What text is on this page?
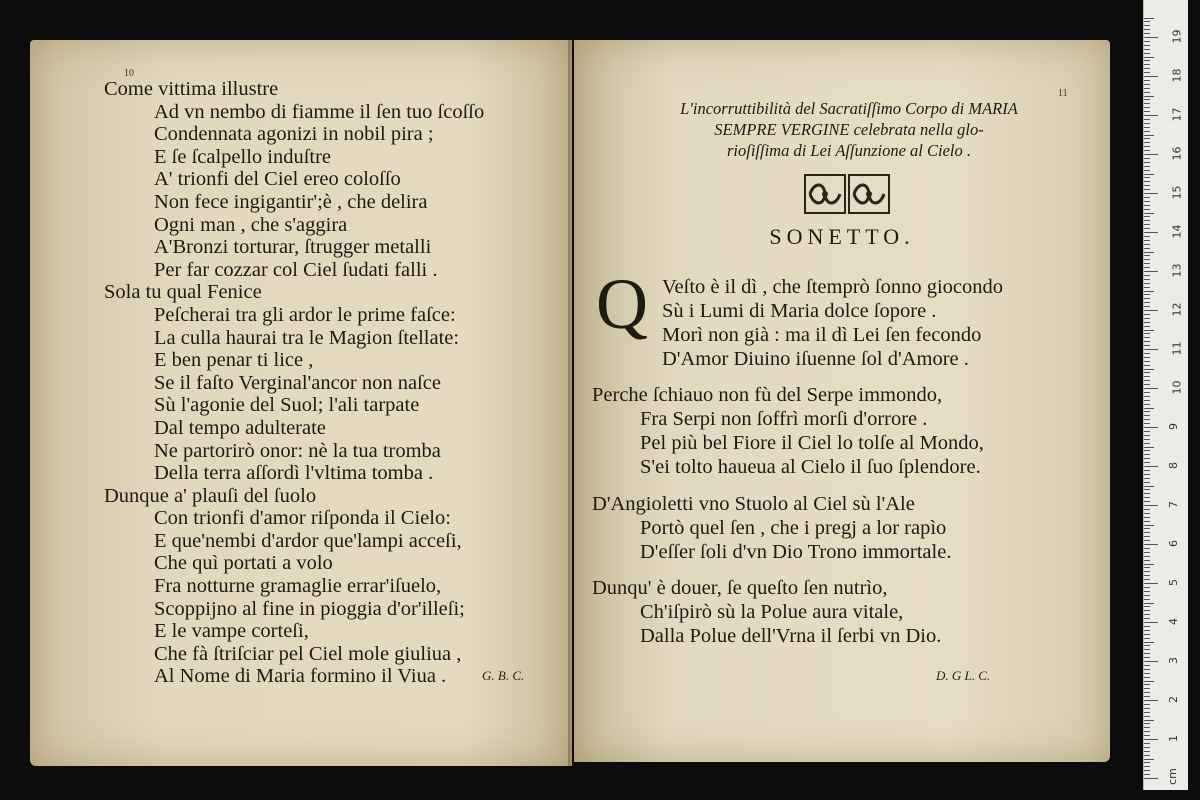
10
Come vittima illustre
Ad vn nembo di fiamme il ſen tuo ſcoſſo
Condennata agonizi in nobil pira ;
E ſe ſcalpello induſtre
A' trionfi del Ciel ereo coloſſo
Non fece ingigantir';è , che delira
Ogni man , che s'aggira
A'Bronzi torturar, ſtrugger metalli
Per far cozzar col Ciel ſudati falli .
Sola tu qual Fenice
Peſcherai tra gli ardor le prime faſce:
La culla haurai tra le Magion ſtellate:
E ben penar ti lice ,
Se il faſto Verginal'ancor non naſce
Sù l'agonie del Suol; l'ali tarpate
Dal tempo adulterate
Ne partorirò onor: nè la tua tromba
Della terra aſſordì l'vltima tomba .
Dunque a' plauſi del ſuolo
Con trionfi d'amor riſponda il Cielo:
E que'nembi d'ardor que'lampi acceſi,
Che quì portati a volo
Fra notturne gramaglie errar'iſuelo,
Scoppijno al fine in pioggia d'or'illeſi;
E le vampe corteſi,
Che fà ſtriſciar pel Ciel mole giuliua ,
Al Nome di Maria formino il Viua .	G. B. C.
11
L'incorruttibilità del Sacratiſſimo Corpo di MARIA
SEMPRE VERGINE celebrata nella glo-
rioſiſſima di Lei Aſſunzione al Cielo .
SONETTO.
Q Veſto è il dì , che ſtemprò ſonno giocondo
Sù i Lumi di Maria dolce ſopore .
Morì non già : ma il dì Lei ſen fecondo
D'Amor Diuino iſuenne ſol d'Amore .
Perche ſchiauo non fù del Serpe immondo,
Fra Serpi non ſoffrì morſi d'orrore .
Pel più bel Fiore il Ciel lo tolſe al Mondo,
S'ei tolto haueua al Cielo il ſuo ſplendore.
D'Angioletti vno Stuolo al Ciel sù l'Ale
Portò quel ſen , che i pregj a lor rapìo
D'eſſer ſoli d'vn Dio Trono immortale.
Dunqu' è douer, ſe queſto ſen nutrìo,
Ch'iſpirò sù la Polue aura vitale,
Dalla Polue dell'Vrna il ſerbi vn Dio.
D. G L. C.
cm
1
2
3
4
5
6
7
8
9
10
11
12
13
14
15
16
17
18
19
